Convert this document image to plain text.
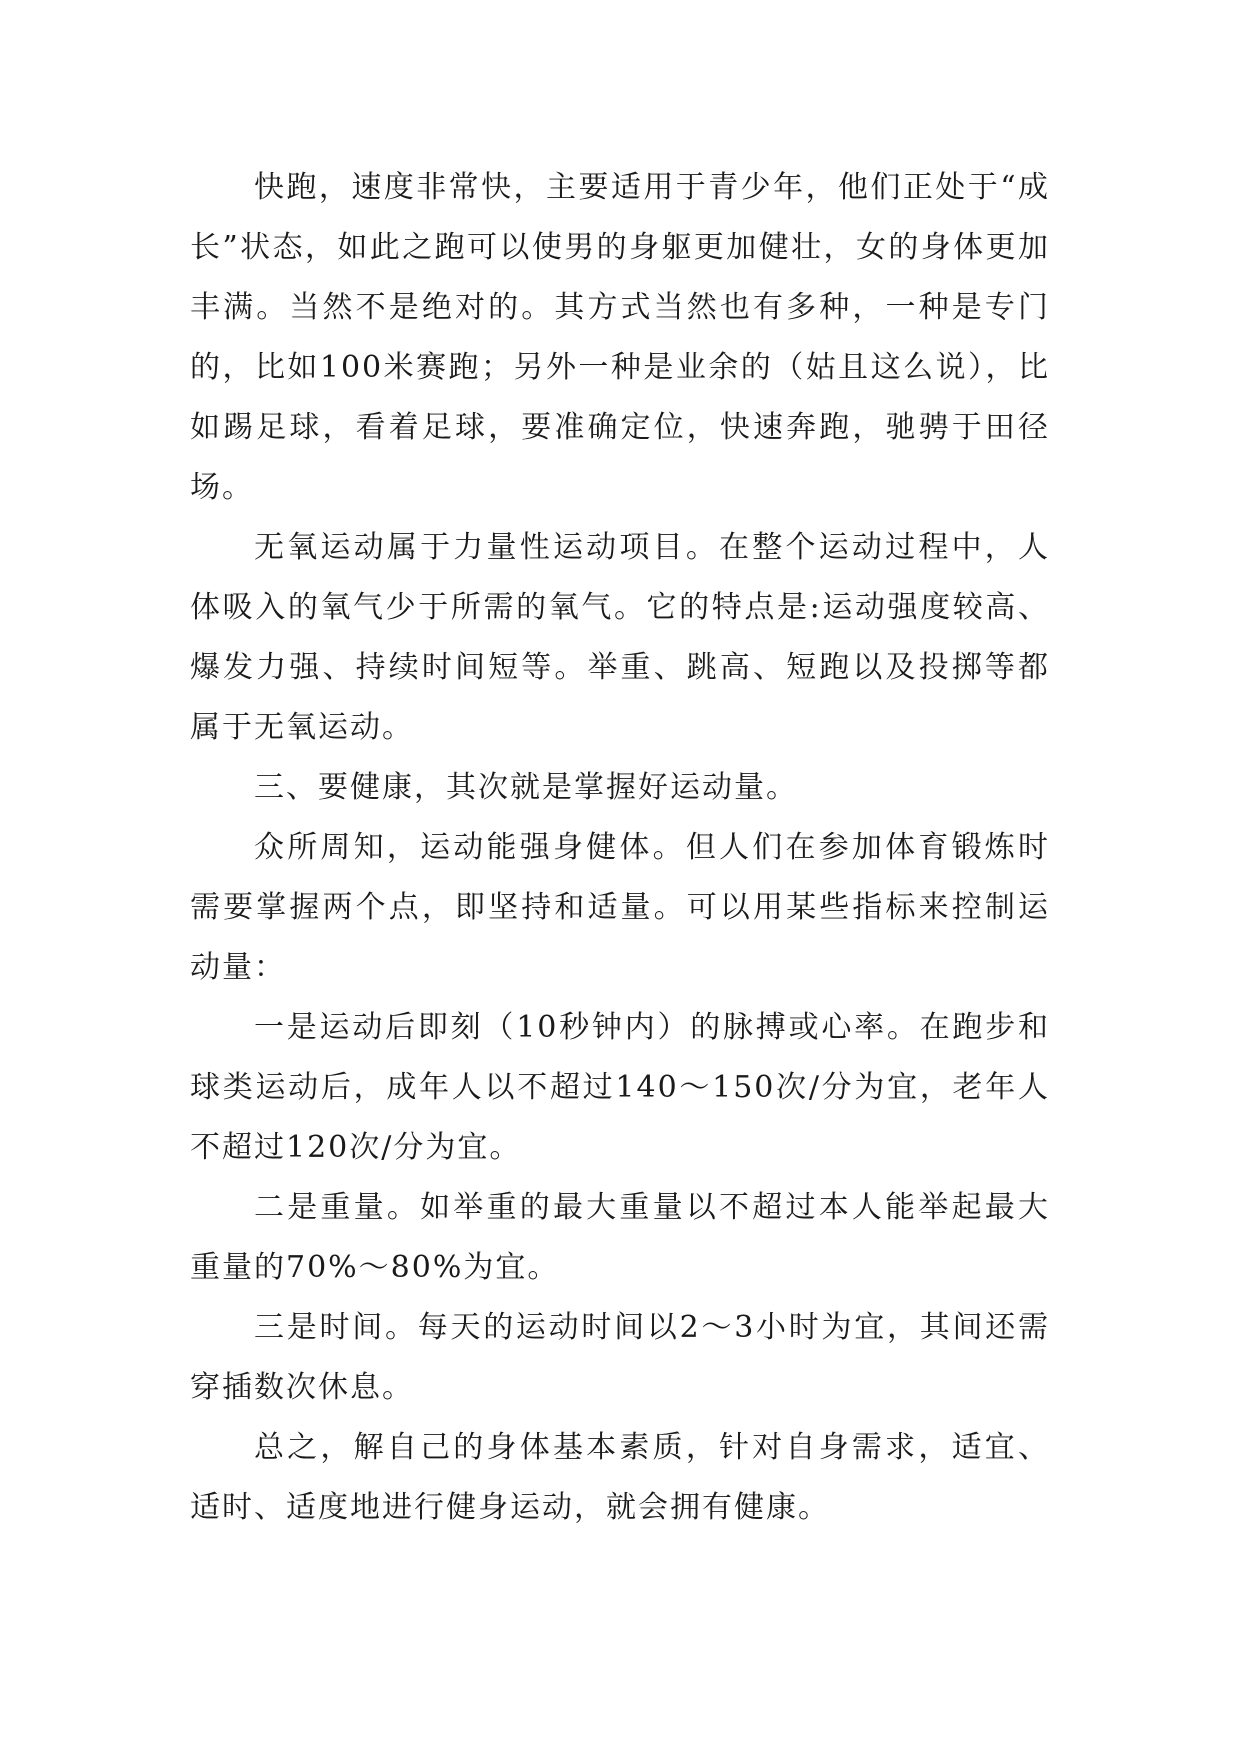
快跑，速度非常快，主要适用于青少年，他们正处于“成长”状态，如此之跑可以使男的身躯更加健壮，女的身体更加丰满。当然不是绝对的。其方式当然也有多种，一种是专门的，比如100米赛跑；另外一种是业余的（姑且这么说），比如踢足球，看着足球，要准确定位，快速奔跑，驰骋于田径场。

无氧运动属于力量性运动项目。在整个运动过程中，人体吸入的氧气少于所需的氧气。它的特点是:运动强度较高、爆发力强、持续时间短等。举重、跳高、短跑以及投掷等都属于无氧运动。

三、要健康，其次就是掌握好运动量。

众所周知，运动能强身健体。但人们在参加体育锻炼时需要掌握两个点，即坚持和适量。可以用某些指标来控制运动量：

一是运动后即刻（10秒钟内）的脉搏或心率。在跑步和球类运动后，成年人以不超过140～150次/分为宜，老年人不超过120次/分为宜。

二是重量。如举重的最大重量以不超过本人能举起最大重量的70%～80%为宜。

三是时间。每天的运动时间以2～3小时为宜，其间还需穿插数次休息。

总之，解自己的身体基本素质，针对自身需求，适宜、适时、适度地进行健身运动，就会拥有健康。
